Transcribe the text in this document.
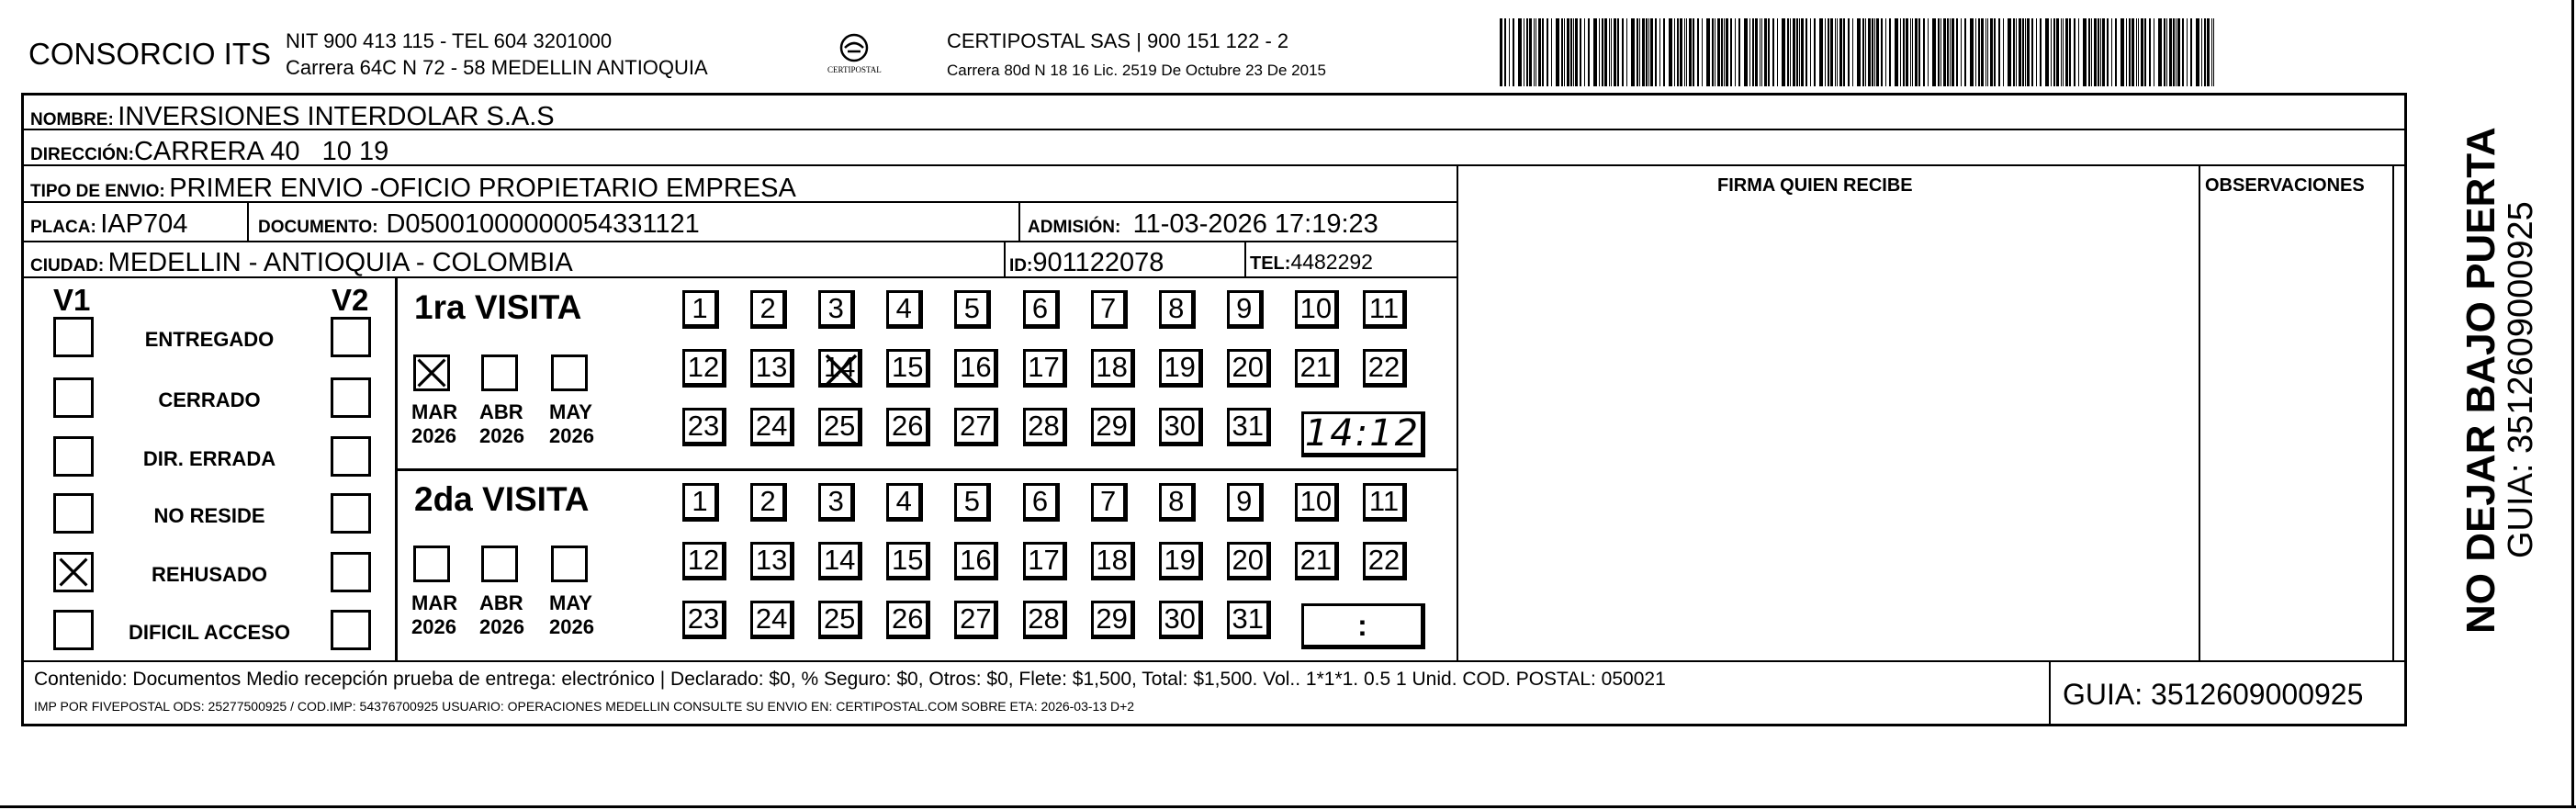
CONSORCIO ITS NIT 900 413 115 - TEL 604 3201000
Carrera 64C N 72 - 58 MEDELLIN ANTIOQUIA	CERTIPOSTAL
CERTIPOSTAL SAS | 900 151 122 - 2
Carrera 80d N 18 16 Lic. 2519 De Octubre 23 De 2015
NOMBRE: INVERSIONES INTERDOLAR S.A.S
DIRECCIÓN:CARRERA 40   10 19
TIPO DE ENVIO: PRIMER ENVIO -OFICIO PROPIETARIO EMPRESA	FIRMA QUIEN RECIBE	OBSERVACIONES
PLACA: IAP704	DOCUMENTO: D05001000000054331121	ADMISIÓN: 11-03-2026 17:19:23
CIUDAD: MEDELLIN - ANTIOQUIA - COLOMBIA	ID:901122078	TEL:4482292
V1	V2
ENTREGADO
CERRADO
DIR. ERRADA
NO RESIDE
REHUSADO
DIFICIL ACCESO
1ra VISITA
2da VISITA
MAR
2026
ABR
2026
MAY
2026
MAR
2026
ABR
2026
MAY
2026
1 2 3 4 5 6 7 8 9 10 11
12 13 14 15 16 17 18 19 20 21 22
23 24 25 26 27 28 29 30 31
1 2 3 4 5 6 7 8 9 10 11
12 13 14 15 16 17 18 19 20 21 22
23 24 25 26 27 28 29 30 31
14:12
:
Contenido: Documentos Medio recepción prueba de entrega: electrónico | Declarado: $0, % Seguro: $0, Otros: $0, Flete: $1,500, Total: $1,500. Vol.. 1*1*1. 0.5 1 Unid. COD. POSTAL: 050021
IMP POR FIVEPOSTAL ODS: 25277500925 / COD.IMP: 54376700925 USUARIO: OPERACIONES MEDELLIN CONSULTE SU ENVIO EN: CERTIPOSTAL.COM SOBRE ETA: 2026-03-13 D+2	GUIA: 3512609000925
NO DEJAR BAJO PUERTA
GUIA: 3512609000925
